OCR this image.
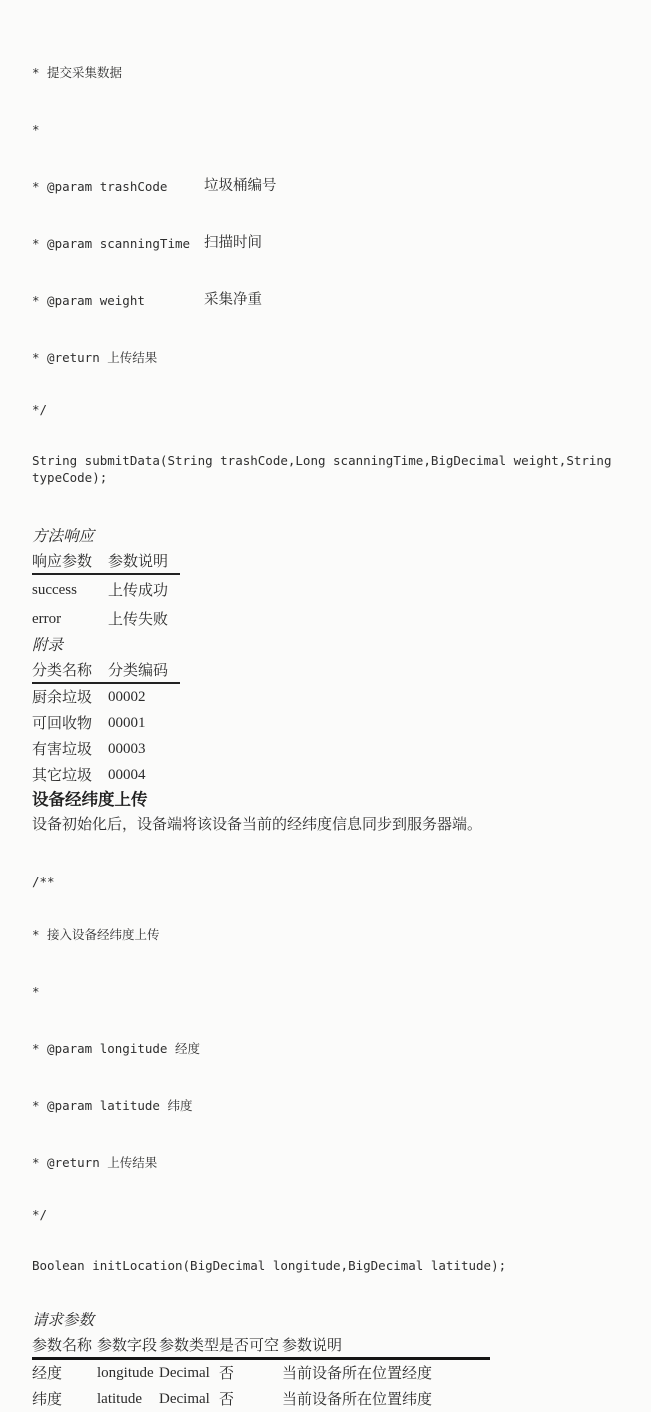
* 提交采集数据

*

* @param trashCode	垃圾桶编号

* @param scanningTime 扫描时间

* @param weight	采集净重

* @return 上传结果

*/

String submitData(String trashCode,Long scanningTime,BigDecimal weight,String typeCode);

方法响应
响应参数	参数说明
success	上传成功
error	上传失败
附录
分类名称	分类编码
厨余垃圾	00002
可回收物	00001
有害垃圾	00003
其它垃圾	00004
设备经纬度上传
设备初始化后，设备端将该设备当前的经纬度信息同步到服务器端。

/**

* 接入设备经纬度上传

*

* @param longitude 经度

* @param latitude 纬度

* @return 上传结果

*/

Boolean initLocation(BigDecimal longitude,BigDecimal latitude);

请求参数
参数名称	参数字段	参数类型	是否可空	参数说明
经度	longitude	Decimal	否	当前设备所在位置经度
纬度	latitude	Decimal	否	当前设备所在位置纬度
